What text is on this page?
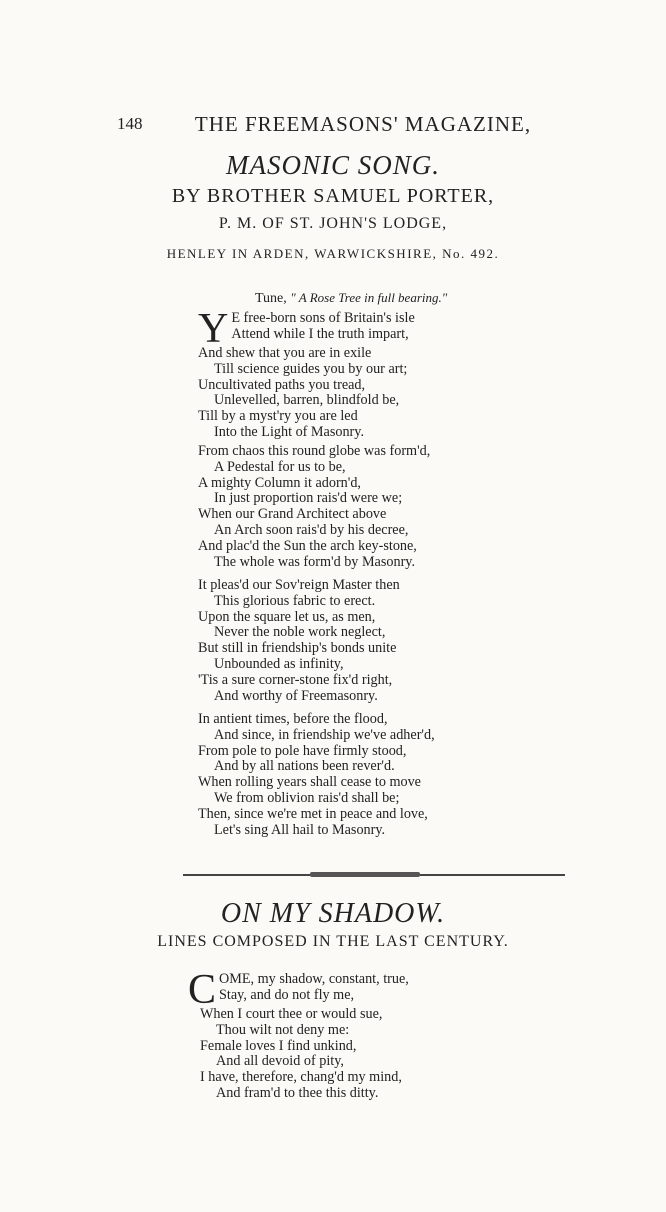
148	THE FREEMASONS' MAGAZINE,
MASONIC SONG.
BY BROTHER SAMUEL PORTER,
P. M. OF ST. JOHN'S LODGE,
HENLEY IN ARDEN, WARWICKSHIRE, No. 492.
Tune, " A Rose Tree in full bearing."
Y E free-born sons of Britain's isle
Attend while I the truth impart,
And shew that you are in exile
Till science guides you by our art;
Uncultivated paths you tread,
Unlevelled, barren, blindfold be,
Till by a myst'ry you are led
Into the Light of Masonry.
From chaos this round globe was form'd,
A Pedestal for us to be,
A mighty Column it adorn'd,
In just proportion rais'd were we;
When our Grand Architect above
An Arch soon rais'd by his decree,
And plac'd the Sun the arch key-stone,
The whole was form'd by Masonry.
It pleas'd our Sov'reign Master then
This glorious fabric to erect.
Upon the square let us, as men,
Never the noble work neglect,
But still in friendship's bonds unite
Unbounded as infinity,
'Tis a sure corner-stone fix'd right,
And worthy of Freemasonry.
In antient times, before the flood,
And since, in friendship we've adher'd,
From pole to pole have firmly stood,
And by all nations been rever'd.
When rolling years shall cease to move
We from oblivion rais'd shall be;
Then, since we're met in peace and love,
Let's sing All hail to Masonry.
ON MY SHADOW.
LINES COMPOSED IN THE LAST CENTURY.
C OME, my shadow, constant, true,
Stay, and do not fly me,
When I court thee or would sue,
Thou wilt not deny me:
Female loves I find unkind,
And all devoid of pity,
I have, therefore, chang'd my mind,
And fram'd to thee this ditty.
